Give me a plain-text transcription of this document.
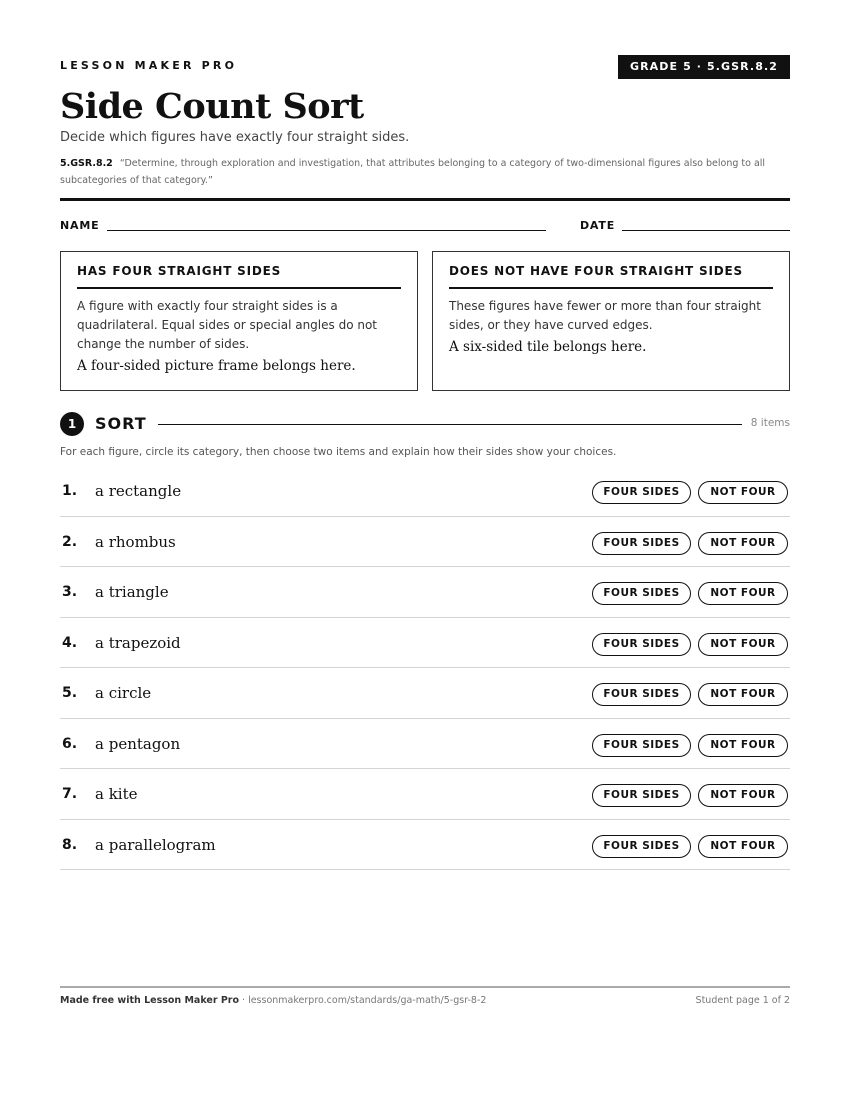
LESSON MAKER PRO	GRADE 5 · 5.GSR.8.2
Side Count Sort
Decide which figures have exactly four straight sides.
5.GSR.8.2 “Determine, through exploration and investigation, that attributes belonging to a category of two-dimensional figures also belong to all subcategories of that category.”
NAME	DATE
HAS FOUR STRAIGHT SIDES
A figure with exactly four straight sides is a quadrilateral. Equal sides or special angles do not change the number of sides.
A four-sided picture frame belongs here.
DOES NOT HAVE FOUR STRAIGHT SIDES
These figures have fewer or more than four straight sides, or they have curved edges.
A six-sided tile belongs here.
1	SORT	8 items
For each figure, circle its category, then choose two items and explain how their sides show your choices.
1. a rectangle	FOUR SIDES	NOT FOUR
2. a rhombus	FOUR SIDES	NOT FOUR
3. a triangle	FOUR SIDES	NOT FOUR
4. a trapezoid	FOUR SIDES	NOT FOUR
5. a circle	FOUR SIDES	NOT FOUR
6. a pentagon	FOUR SIDES	NOT FOUR
7. a kite	FOUR SIDES	NOT FOUR
8. a parallelogram	FOUR SIDES	NOT FOUR
Made free with Lesson Maker Pro · lessonmakerpro.com/standards/ga-math/5-gsr-8-2	Student page 1 of 2
